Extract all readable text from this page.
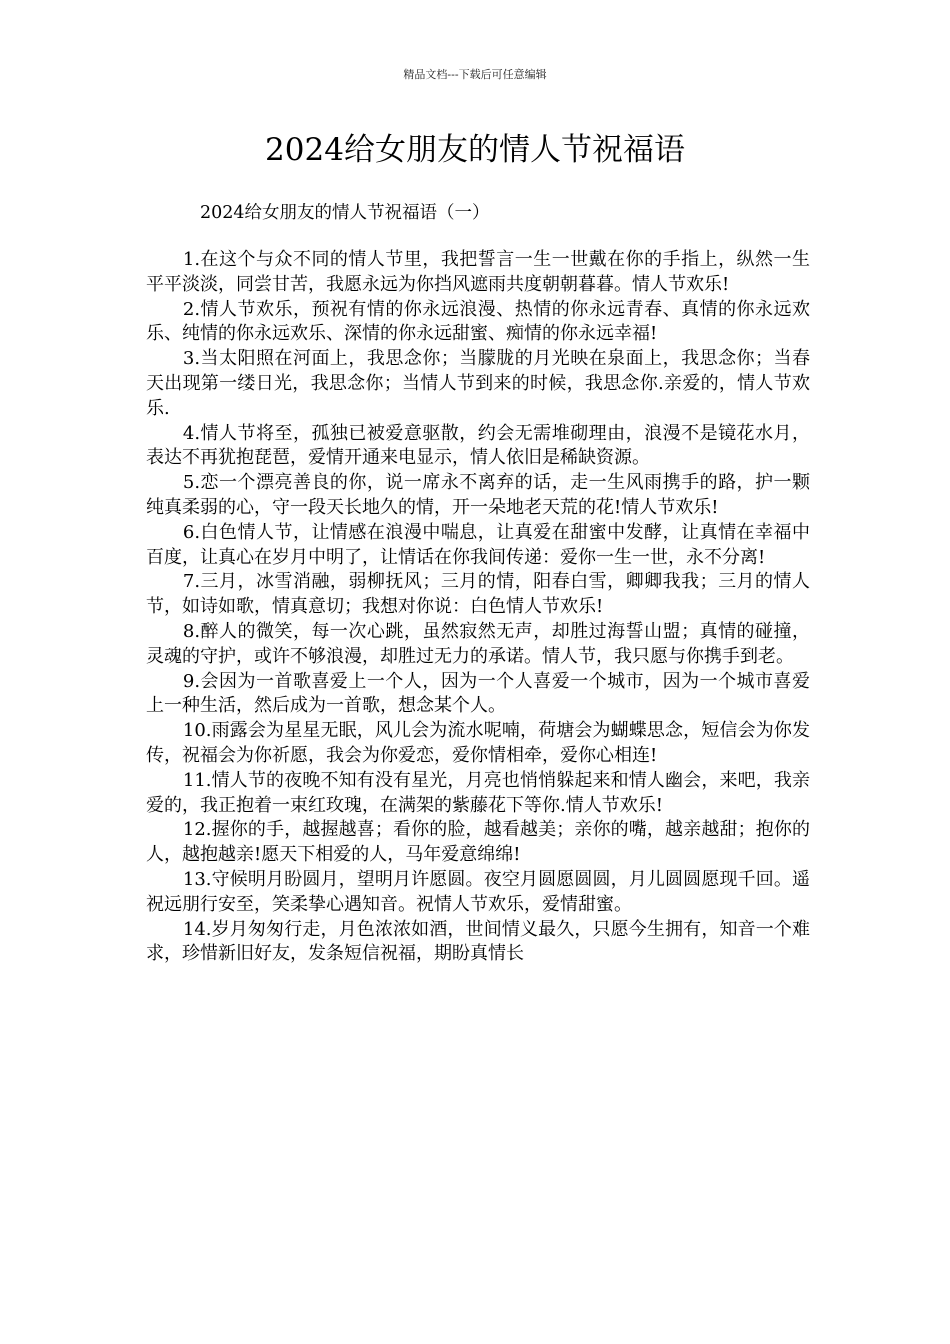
精品文档---下载后可任意编辑
2024给女朋友的情人节祝福语
2024给女朋友的情人节祝福语（一）

1.在这个与众不同的情人节里，我把誓言一生一世戴在你的手指上，纵然一生平平淡淡，同尝甘苦，我愿永远为你挡风遮雨共度朝朝暮暮。情人节欢乐!

2.情人节欢乐，预祝有情的你永远浪漫、热情的你永远青春、真情的你永远欢乐、纯情的你永远欢乐、深情的你永远甜蜜、痴情的你永远幸福!

3.当太阳照在河面上，我思念你；当朦胧的月光映在泉面上，我思念你；当春天出现第一缕日光，我思念你；当情人节到来的时候，我思念你.亲爱的，情人节欢乐.

4.情人节将至，孤独已被爱意驱散，约会无需堆砌理由，浪漫不是镜花水月，表达不再犹抱琵琶，爱情开通来电显示，情人依旧是稀缺资源。

5.恋一个漂亮善良的你，说一席永不离弃的话，走一生风雨携手的路，护一颗纯真柔弱的心，守一段天长地久的情，开一朵地老天荒的花!情人节欢乐!

6.白色情人节，让情感在浪漫中喘息，让真爱在甜蜜中发酵，让真情在幸福中百度，让真心在岁月中明了，让情话在你我间传递：爱你一生一世，永不分离!

7.三月，冰雪消融，弱柳抚风；三月的情，阳春白雪，卿卿我我；三月的情人节，如诗如歌，情真意切；我想对你说：白色情人节欢乐!

8.醉人的微笑，每一次心跳，虽然寂然无声，却胜过海誓山盟；真情的碰撞，灵魂的守护，或许不够浪漫，却胜过无力的承诺。情人节，我只愿与你携手到老。

9.会因为一首歌喜爱上一个人，因为一个人喜爱一个城市，因为一个城市喜爱上一种生活，然后成为一首歌，想念某个人。

10.雨露会为星星无眠，风儿会为流水呢喃，荷塘会为蝴蝶思念，短信会为你发传，祝福会为你祈愿，我会为你爱恋，爱你情相牵，爱你心相连!

11.情人节的夜晚不知有没有星光，月亮也悄悄躲起来和情人幽会，来吧，我亲爱的，我正抱着一束红玫瑰，在满架的紫藤花下等你.情人节欢乐!

12.握你的手，越握越喜；看你的脸，越看越美；亲你的嘴，越亲越甜；抱你的人，越抱越亲!愿天下相爱的人，马年爱意绵绵!

13.守候明月盼圆月，望明月许愿圆。夜空月圆愿圆圆，月儿圆圆愿现千回。遥祝远朋行安至，笑柔挚心遇知音。祝情人节欢乐，爱情甜蜜。

14.岁月匆匆行走，月色浓浓如酒，世间情义最久，只愿今生拥有，知音一个难求，珍惜新旧好友，发条短信祝福，期盼真情长
